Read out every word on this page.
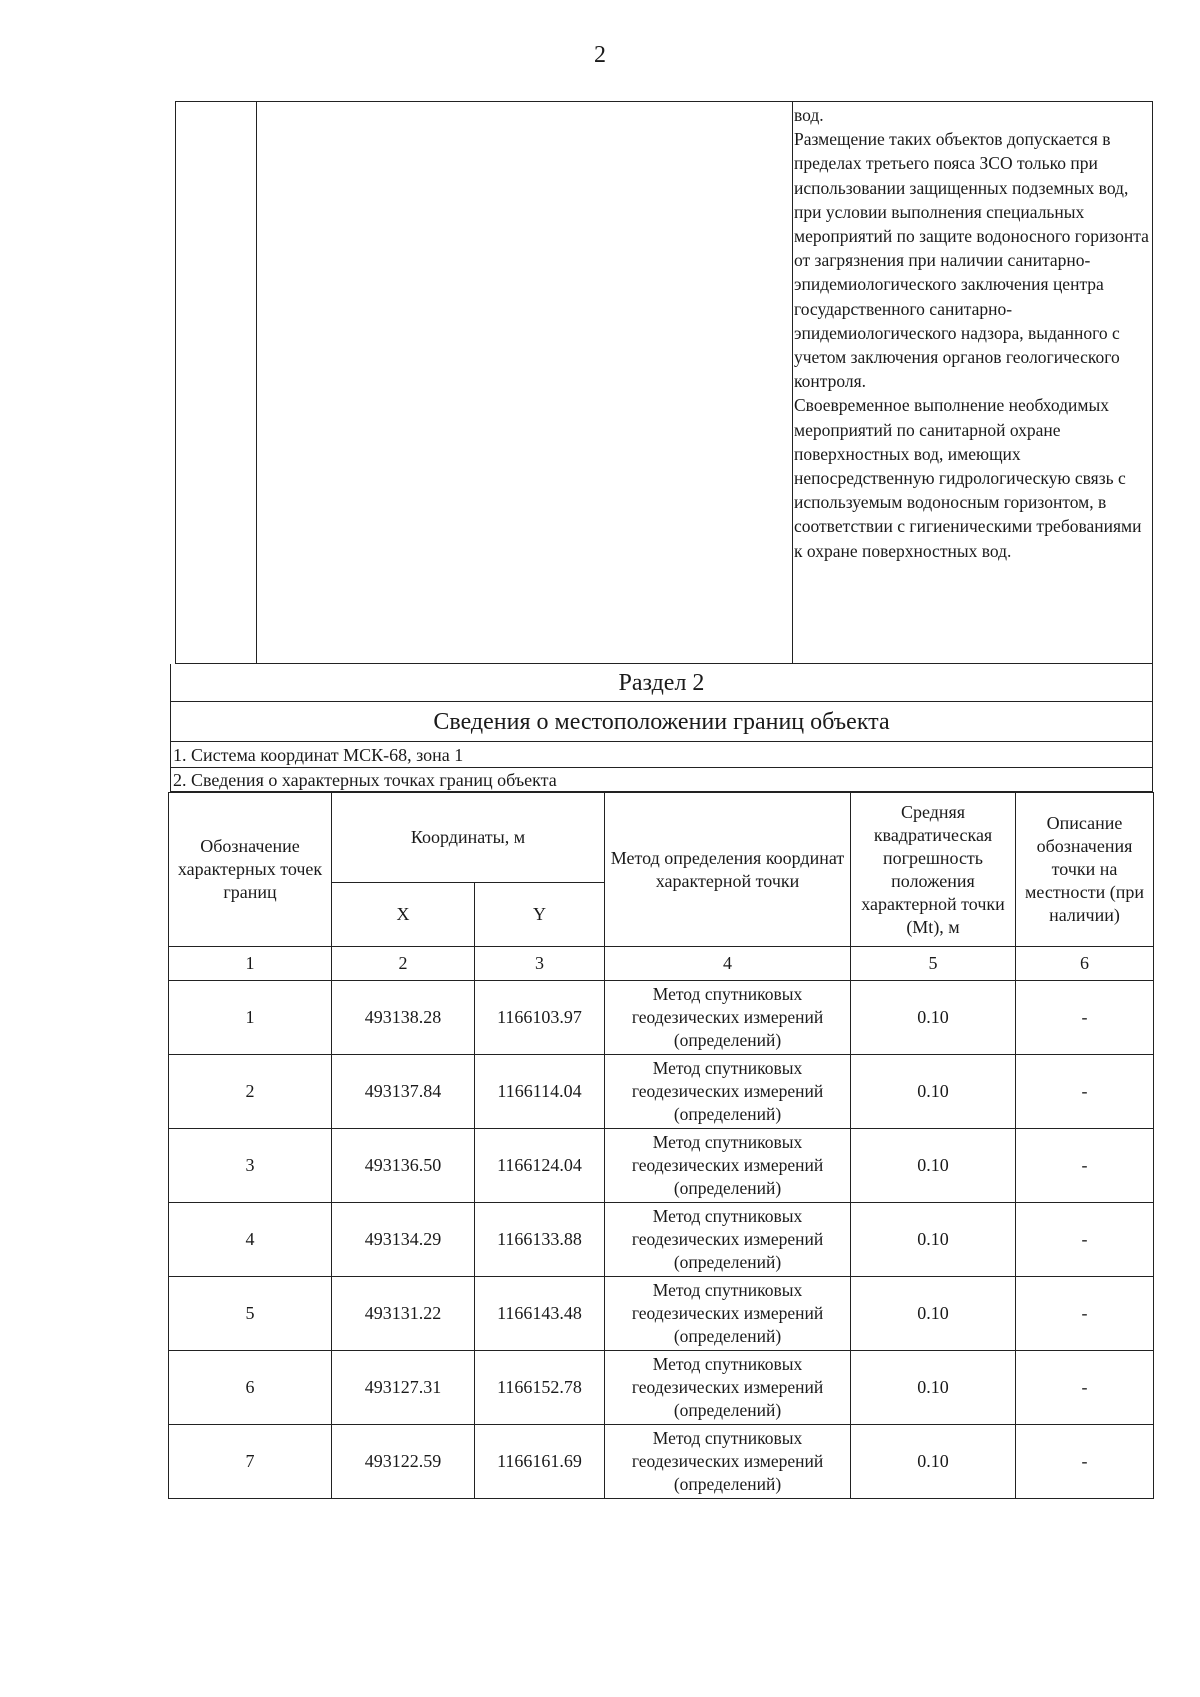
2

вод.

Размещение таких объектов допускается в пределах третьего пояса ЗСО только при использовании защищенных подземных вод, при условии выполнения специальных мероприятий по защите водоносного горизонта от загрязнения при наличии санитарно-эпидемиологического заключения центра государственного санитарно-эпидемиологического надзора, выданного с учетом заключения органов геологического контроля.

Своевременное выполнение необходимых мероприятий по санитарной охране поверхностных вод, имеющих непосредственную гидрологическую связь с используемым водоносным горизонтом, в соответствии с гигиеническими требованиями к охране поверхностных вод.

Раздел 2
Сведения о местоположении границ объекта
1. Система координат МСК-68, зона 1
2. Сведения о характерных точках границ объекта
Обозначение характерных точек границ	Координаты, м		Метод определения координат характерной точки	Средняя квадратическая погрешность положения характерной точки (Mt), м	Описание обозначения точки на местности (при наличии)
	X	Y			
1	2	3	4	5	6
1	493138.28	1166103.97	Метод спутниковых геодезических измерений (определений)	0.10	-
2	493137.84	1166114.04	Метод спутниковых геодезических измерений (определений)	0.10	-
3	493136.50	1166124.04	Метод спутниковых геодезических измерений (определений)	0.10	-
4	493134.29	1166133.88	Метод спутниковых геодезических измерений (определений)	0.10	-
5	493131.22	1166143.48	Метод спутниковых геодезических измерений (определений)	0.10	-
6	493127.31	1166152.78	Метод спутниковых геодезических измерений (определений)	0.10	-
7	493122.59	1166161.69	Метод спутниковых геодезических измерений (определений)	0.10	-
